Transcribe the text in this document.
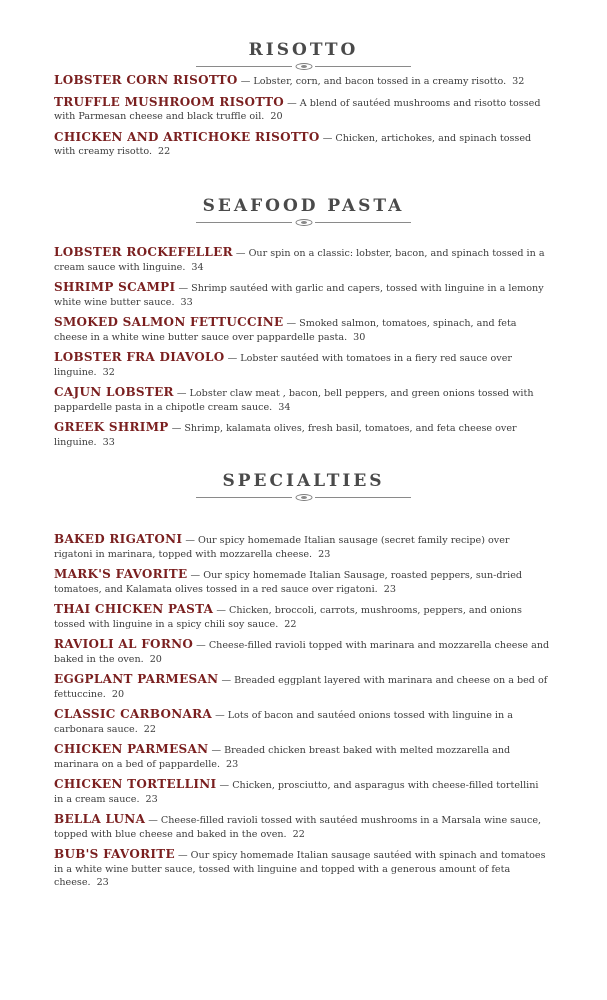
RISOTTO
LOBSTER CORN RISOTTO — Lobster, corn, and bacon tossed in a creamy risotto. 32
TRUFFLE MUSHROOM RISOTTO — A blend of sautéed mushrooms and risotto tossed with Parmesan cheese and black truffle oil. 20
CHICKEN AND ARTICHOKE RISOTTO — Chicken, artichokes, and spinach tossed with creamy risotto. 22
SEAFOOD PASTA
LOBSTER ROCKEFELLER — Our spin on a classic: lobster, bacon, and spinach tossed in a cream sauce with linguine. 34
SHRIMP SCAMPI — Shrimp sautéed with garlic and capers, tossed with linguine in a lemony white wine butter sauce. 33
SMOKED SALMON FETTUCCINE — Smoked salmon, tomatoes, spinach, and feta cheese in a white wine butter sauce over pappardelle pasta. 30
LOBSTER FRA DIAVOLO — Lobster sautéed with tomatoes in a fiery red sauce over linguine. 32
CAJUN LOBSTER — Lobster claw meat , bacon, bell peppers, and green onions tossed with pappardelle pasta in a chipotle cream sauce. 34
GREEK SHRIMP — Shrimp, kalamata olives, fresh basil, tomatoes, and feta cheese over linguine. 33
SPECIALTIES
BAKED RIGATONI — Our spicy homemade Italian sausage (secret family recipe) over rigatoni in marinara, topped with mozzarella cheese. 23
MARK'S FAVORITE — Our spicy homemade Italian Sausage, roasted peppers, sun-dried tomatoes, and Kalamata olives tossed in a red sauce over rigatoni. 23
THAI CHICKEN PASTA — Chicken, broccoli, carrots, mushrooms, peppers, and onions tossed with linguine in a spicy chili soy sauce. 22
RAVIOLI AL FORNO — Cheese-filled ravioli topped with marinara and mozzarella cheese and baked in the oven. 20
EGGPLANT PARMESAN — Breaded eggplant layered with marinara and cheese on a bed of fettuccine. 20
CLASSIC CARBONARA — Lots of bacon and sautéed onions tossed with linguine in a carbonara sauce. 22
CHICKEN PARMESAN — Breaded chicken breast baked with melted mozzarella and marinara on a bed of pappardelle. 23
CHICKEN TORTELLINI — Chicken, prosciutto, and asparagus with cheese-filled tortellini in a cream sauce. 23
BELLA LUNA — Cheese-filled ravioli tossed with sautéed mushrooms in a Marsala wine sauce, topped with blue cheese and baked in the oven. 22
BUB'S FAVORITE — Our spicy homemade Italian sausage sautéed with spinach and tomatoes in a white wine butter sauce, tossed with linguine and topped with a generous amount of feta cheese. 23
